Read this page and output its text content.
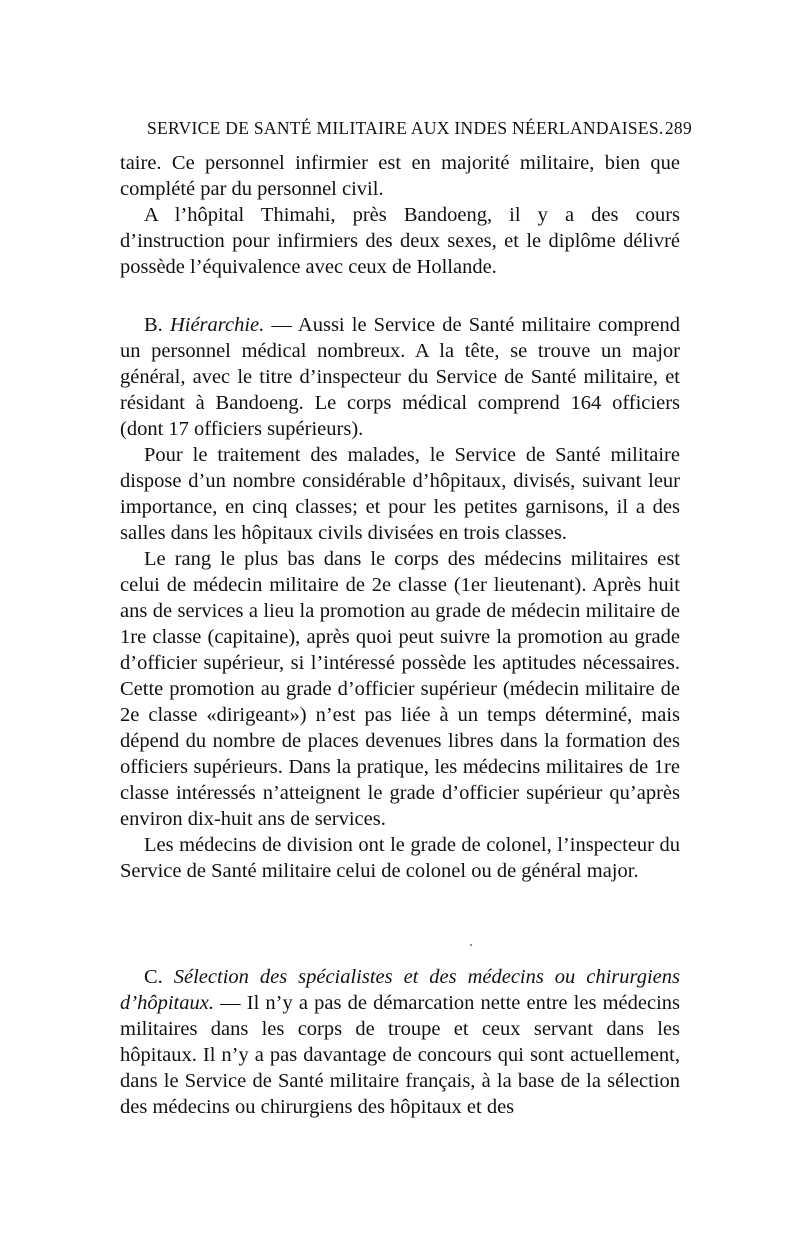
SERVICE DE SANTÉ MILITAIRE AUX INDES NÉERLANDAISES. 289

taire. Ce personnel infirmier est en majorité militaire, bien que complété par du personnel civil.

A l’hôpital Thimahi, près Bandoeng, il y a des cours d’instruction pour infirmiers des deux sexes, et le diplôme délivré possède l’équivalence avec ceux de Hollande.

B. Hiérarchie. — Aussi le Service de Santé militaire comprend un personnel médical nombreux. A la tête, se trouve un major général, avec le titre d’inspecteur du Service de Santé militaire, et résidant à Bandoeng. Le corps médical comprend 164 officiers (dont 17 officiers supérieurs).

Pour le traitement des malades, le Service de Santé militaire dispose d’un nombre considérable d’hôpitaux, divisés, suivant leur importance, en cinq classes; et pour les petites garnisons, il a des salles dans les hôpitaux civils divisées en trois classes.

Le rang le plus bas dans le corps des médecins militaires est celui de médecin militaire de 2e classe (1er lieutenant). Après huit ans de services a lieu la promotion au grade de médecin militaire de 1re classe (capitaine), après quoi peut suivre la promotion au grade d’officier supérieur, si l’intéressé possède les aptitudes nécessaires. Cette promotion au grade d’officier supérieur (médecin militaire de 2e classe «dirigeant») n’est pas liée à un temps déterminé, mais dépend du nombre de places devenues libres dans la formation des officiers supérieurs. Dans la pratique, les médecins militaires de 1re classe intéressés n’atteignent le grade d’officier supérieur qu’après environ dix-huit ans de services.

Les médecins de division ont le grade de colonel, l’inspecteur du Service de Santé militaire celui de colonel ou de général major.

C. Sélection des spécialistes et des médecins ou chirurgiens d’hôpitaux. — Il n’y a pas de démarcation nette entre les médecins militaires dans les corps de troupe et ceux servant dans les hôpitaux. Il n’y a pas davantage de concours qui sont actuellement, dans le Service de Santé militaire français, à la base de la sélection des médecins ou chirurgiens des hôpitaux et des
